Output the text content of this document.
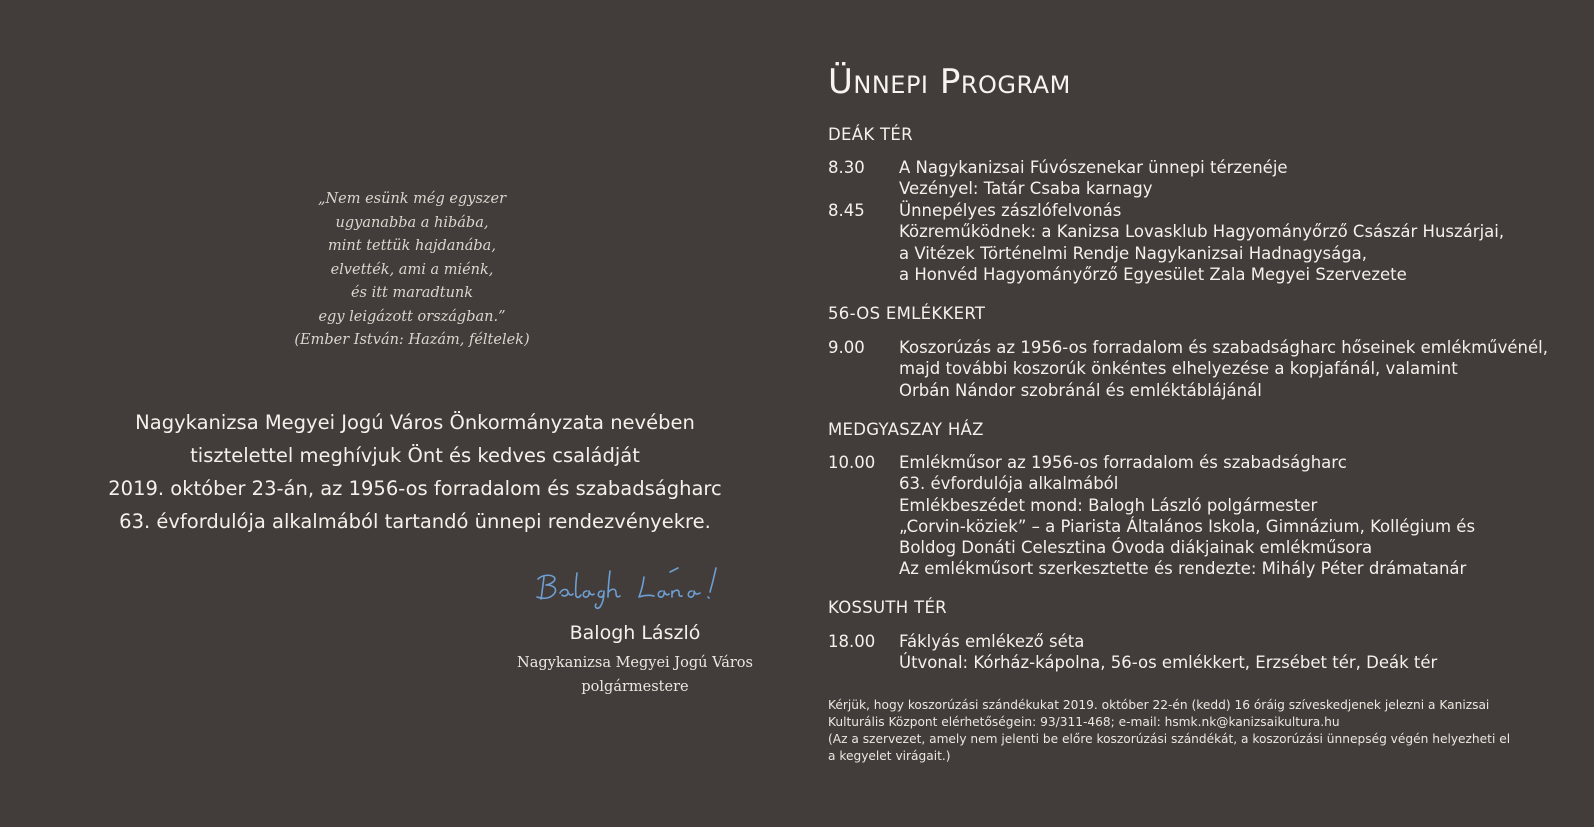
„Nem esünk még egyszer
ugyanabba a hibába,
mint tettük hajdanába,
elvették, ami a miénk,
és itt maradtunk
egy leigázott országban.”
(Ember István: Hazám, féltelek)
Nagykanizsa Megyei Jogú Város Önkormányzata nevében
tisztelettel meghívjuk Önt és kedves családját
2019. október 23-án, az 1956-os forradalom és szabadságharc
63. évfordulója alkalmából tartandó ünnepi rendezvényekre.
Balogh László
Nagykanizsa Megyei Jogú Város
polgármestere
Ünnepi Program
DEÁK TÉR
8.30 A Nagykanizsai Fúvószenekar ünnepi térzenéje
Vezényel: Tatár Csaba karnagy
8.45 Ünnepélyes zászlófelvonás
Közreműködnek: a Kanizsa Lovasklub Hagyományőrző Császár Huszárjai,
a Vitézek Történelmi Rendje Nagykanizsai Hadnagysága,
a Honvéd Hagyományőrző Egyesület Zala Megyei Szervezete
56-OS EMLÉKKERT
9.00 Koszorúzás az 1956-os forradalom és szabadságharc hőseinek emlékművénél,
majd további koszorúk önkéntes elhelyezése a kopjafánál, valamint
Orbán Nándor szobránál és emléktáblájánál
MEDGYASZAY HÁZ
10.00 Emlékműsor az 1956-os forradalom és szabadságharc
63. évfordulója alkalmából
Emlékbeszédet mond: Balogh László polgármester
„Corvin-köziek” – a Piarista Általános Iskola, Gimnázium, Kollégium és
Boldog Donáti Celesztina Óvoda diákjainak emlékműsora
Az emlékműsort szerkesztette és rendezte: Mihály Péter drámatanár
KOSSUTH TÉR
18.00 Fáklyás emlékező séta
Útvonal: Kórház-kápolna, 56-os emlékkert, Erzsébet tér, Deák tér
Kérjük, hogy koszorúzási szándékukat 2019. október 22-én (kedd) 16 óráig szíveskedjenek jelezni a Kanizsai
Kulturális Központ elérhetőségein: 93/311-468; e-mail: hsmk.nk@kanizsaikultura.hu
(Az a szervezet, amely nem jelenti be előre koszorúzási szándékát, a koszorúzási ünnepség végén helyezheti el
a kegyelet virágait.)
